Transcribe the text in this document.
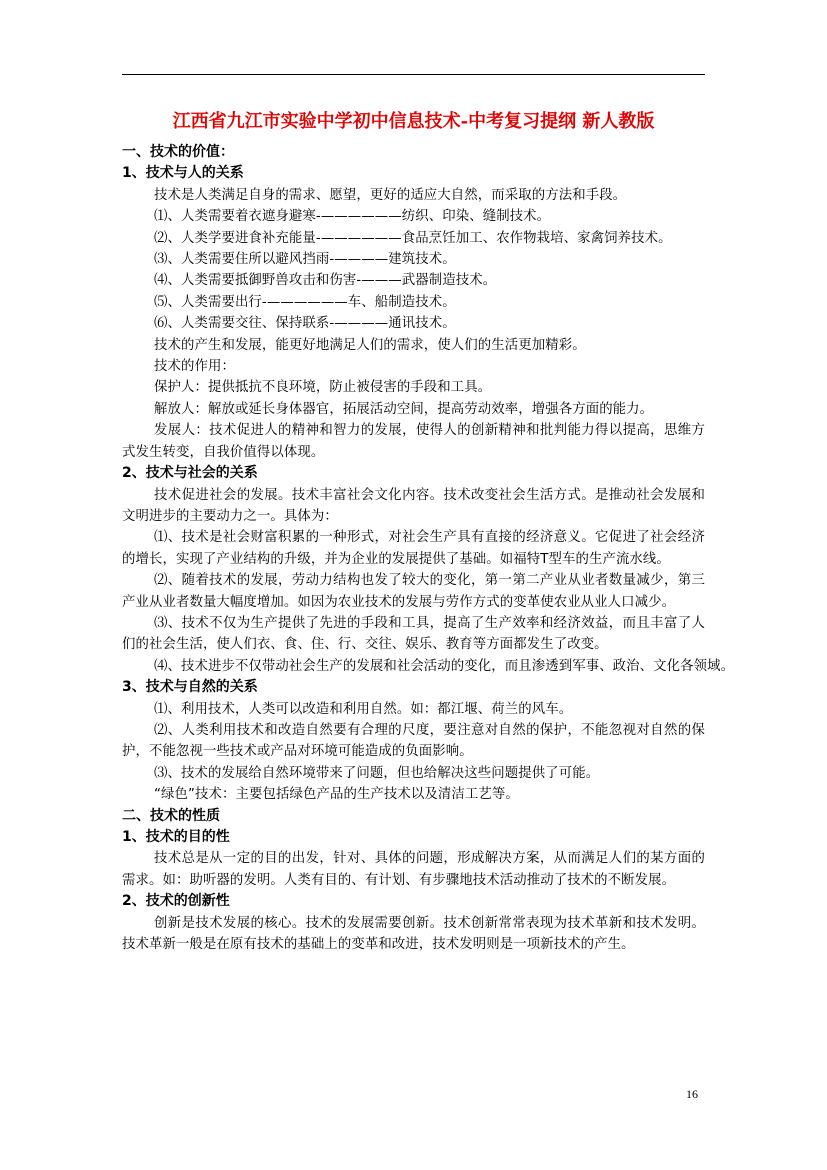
江西省九江市实验中学初中信息技术-中考复习提纲 新人教版
一、技术的价值：
1、技术与人的关系
技术是人类满足自身的需求、愿望，更好的适应大自然，而采取的方法和手段。
⑴、人类需要着衣遮身避寒-——————纺织、印染、缝制技术。
⑵、人类学要进食补充能量-——————食品烹饪加工、农作物栽培、家禽饲养技术。
⑶、人类需要住所以避风挡雨-————建筑技术。
⑷、人类需要抵御野兽攻击和伤害-———武器制造技术。
⑸、人类需要出行-——————车、船制造技术。
⑹、人类需要交往、保持联系-————通讯技术。
技术的产生和发展，能更好地满足人们的需求，使人们的生活更加精彩。
技术的作用：
保护人：提供抵抗不良环境，防止被侵害的手段和工具。
解放人：解放或延长身体器官，拓展活动空间，提高劳动效率，增强各方面的能力。
发展人：技术促进人的精神和智力的发展，使得人的创新精神和批判能力得以提高，思维方式发生转变，自我价值得以体现。
2、技术与社会的关系
技术促进社会的发展。技术丰富社会文化内容。技术改变社会生活方式。是推动社会发展和文明进步的主要动力之一。具体为：
⑴、技术是社会财富积累的一种形式，对社会生产具有直接的经济意义。它促进了社会经济的增长，实现了产业结构的升级，并为企业的发展提供了基础。如福特T型车的生产流水线。
⑵、随着技术的发展，劳动力结构也发了较大的变化，第一第二产业从业者数量减少，第三产业从业者数量大幅度增加。如因为农业技术的发展与劳作方式的变革使农业从业人口减少。
⑶、技术不仅为生产提供了先进的手段和工具，提高了生产效率和经济效益，而且丰富了人们的社会生活，使人们衣、食、住、行、交往、娱乐、教育等方面都发生了改变。
⑷、技术进步不仅带动社会生产的发展和社会活动的变化，而且渗透到军事、政治、文化各领域。
3、技术与自然的关系
⑴、利用技术，人类可以改造和利用自然。如：都江堰、荷兰的风车。
⑵、人类利用技术和改造自然要有合理的尺度，要注意对自然的保护，不能忽视对自然的保护，不能忽视一些技术或产品对环境可能造成的负面影响。
⑶、技术的发展给自然环境带来了问题，但也给解决这些问题提供了可能。
“绿色”技术：主要包括绿色产品的生产技术以及清洁工艺等。
二、技术的性质
1、技术的目的性
技术总是从一定的目的出发，针对、具体的问题，形成解决方案，从而满足人们的某方面的需求。如：助听器的发明。人类有目的、有计划、有步骤地技术活动推动了技术的不断发展。
2、技术的创新性
创新是技术发展的核心。技术的发展需要创新。技术创新常常表现为技术革新和技术发明。技术革新一般是在原有技术的基础上的变革和改进，技术发明则是一项新技术的产生。
16
